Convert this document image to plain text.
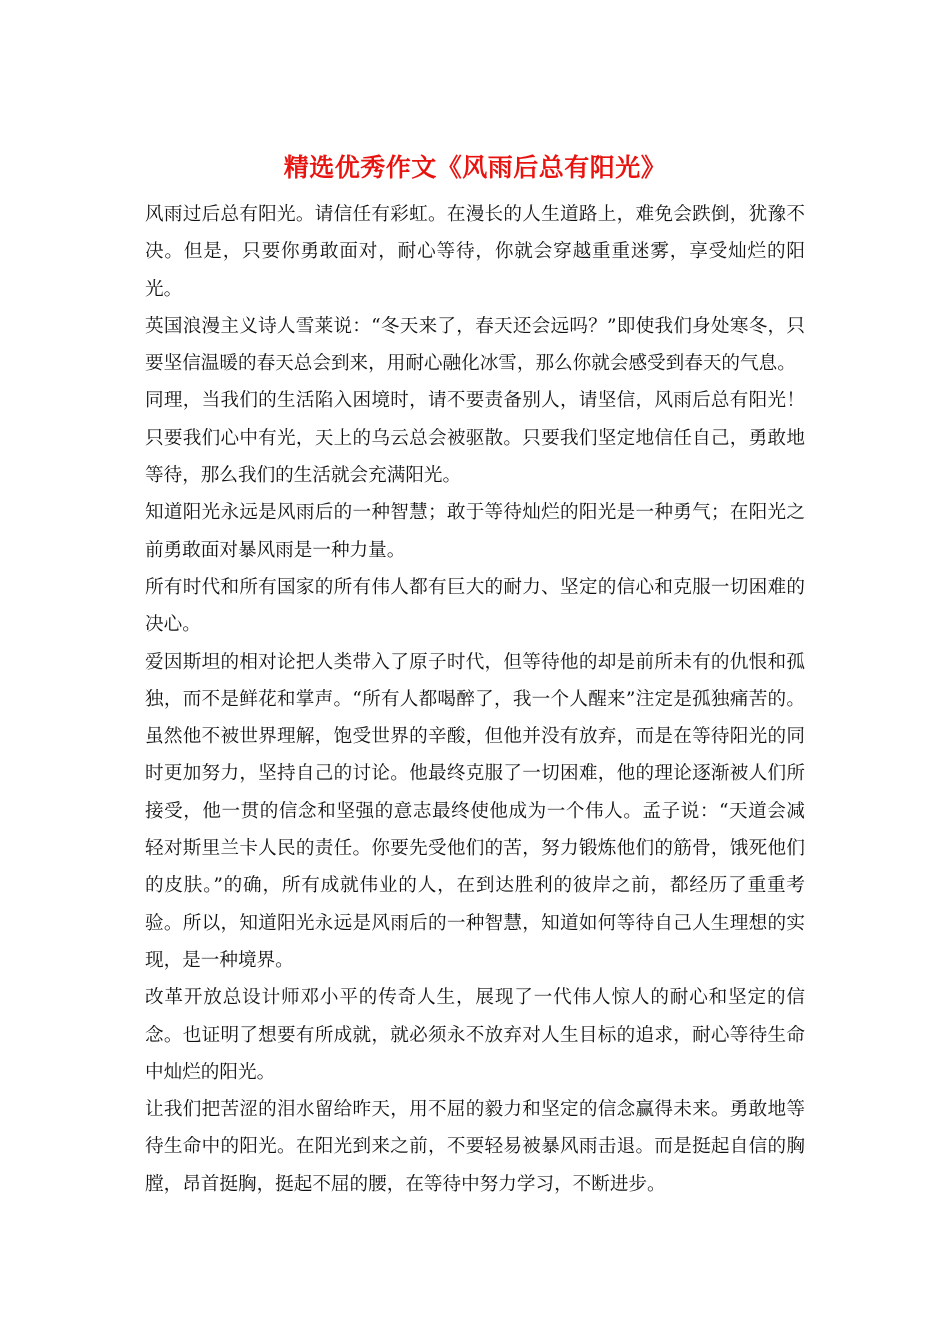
精选优秀作文《风雨后总有阳光》

风雨过后总有阳光。请信任有彩虹。在漫长的人生道路上，难免会跌倒，犹豫不决。但是，只要你勇敢面对，耐心等待，你就会穿越重重迷雾，享受灿烂的阳光。

英国浪漫主义诗人雪莱说：“冬天来了，春天还会远吗？”即使我们身处寒冬，只要坚信温暖的春天总会到来，用耐心融化冰雪，那么你就会感受到春天的气息。

同理，当我们的生活陷入困境时，请不要责备别人，请坚信，风雨后总有阳光！只要我们心中有光，天上的乌云总会被驱散。只要我们坚定地信任自己，勇敢地等待，那么我们的生活就会充满阳光。

知道阳光永远是风雨后的一种智慧；敢于等待灿烂的阳光是一种勇气；在阳光之前勇敢面对暴风雨是一种力量。

所有时代和所有国家的所有伟人都有巨大的耐力、坚定的信心和克服一切困难的决心。

爱因斯坦的相对论把人类带入了原子时代，但等待他的却是前所未有的仇恨和孤独，而不是鲜花和掌声。“所有人都喝醉了，我一个人醒来”注定是孤独痛苦的。虽然他不被世界理解，饱受世界的辛酸，但他并没有放弃，而是在等待阳光的同时更加努力，坚持自己的讨论。他最终克服了一切困难，他的理论逐渐被人们所接受，他一贯的信念和坚强的意志最终使他成为一个伟人。孟子说：“天道会减轻对斯里兰卡人民的责任。你要先受他们的苦，努力锻炼他们的筋骨，饿死他们的皮肤。”的确，所有成就伟业的人，在到达胜利的彼岸之前，都经历了重重考验。所以，知道阳光永远是风雨后的一种智慧，知道如何等待自己人生理想的实现，是一种境界。

改革开放总设计师邓小平的传奇人生，展现了一代伟人惊人的耐心和坚定的信念。也证明了想要有所成就，就必须永不放弃对人生目标的追求，耐心等待生命中灿烂的阳光。

让我们把苦涩的泪水留给昨天，用不屈的毅力和坚定的信念赢得未来。勇敢地等待生命中的阳光。在阳光到来之前，不要轻易被暴风雨击退。而是挺起自信的胸膛，昂首挺胸，挺起不屈的腰，在等待中努力学习，不断进步。
